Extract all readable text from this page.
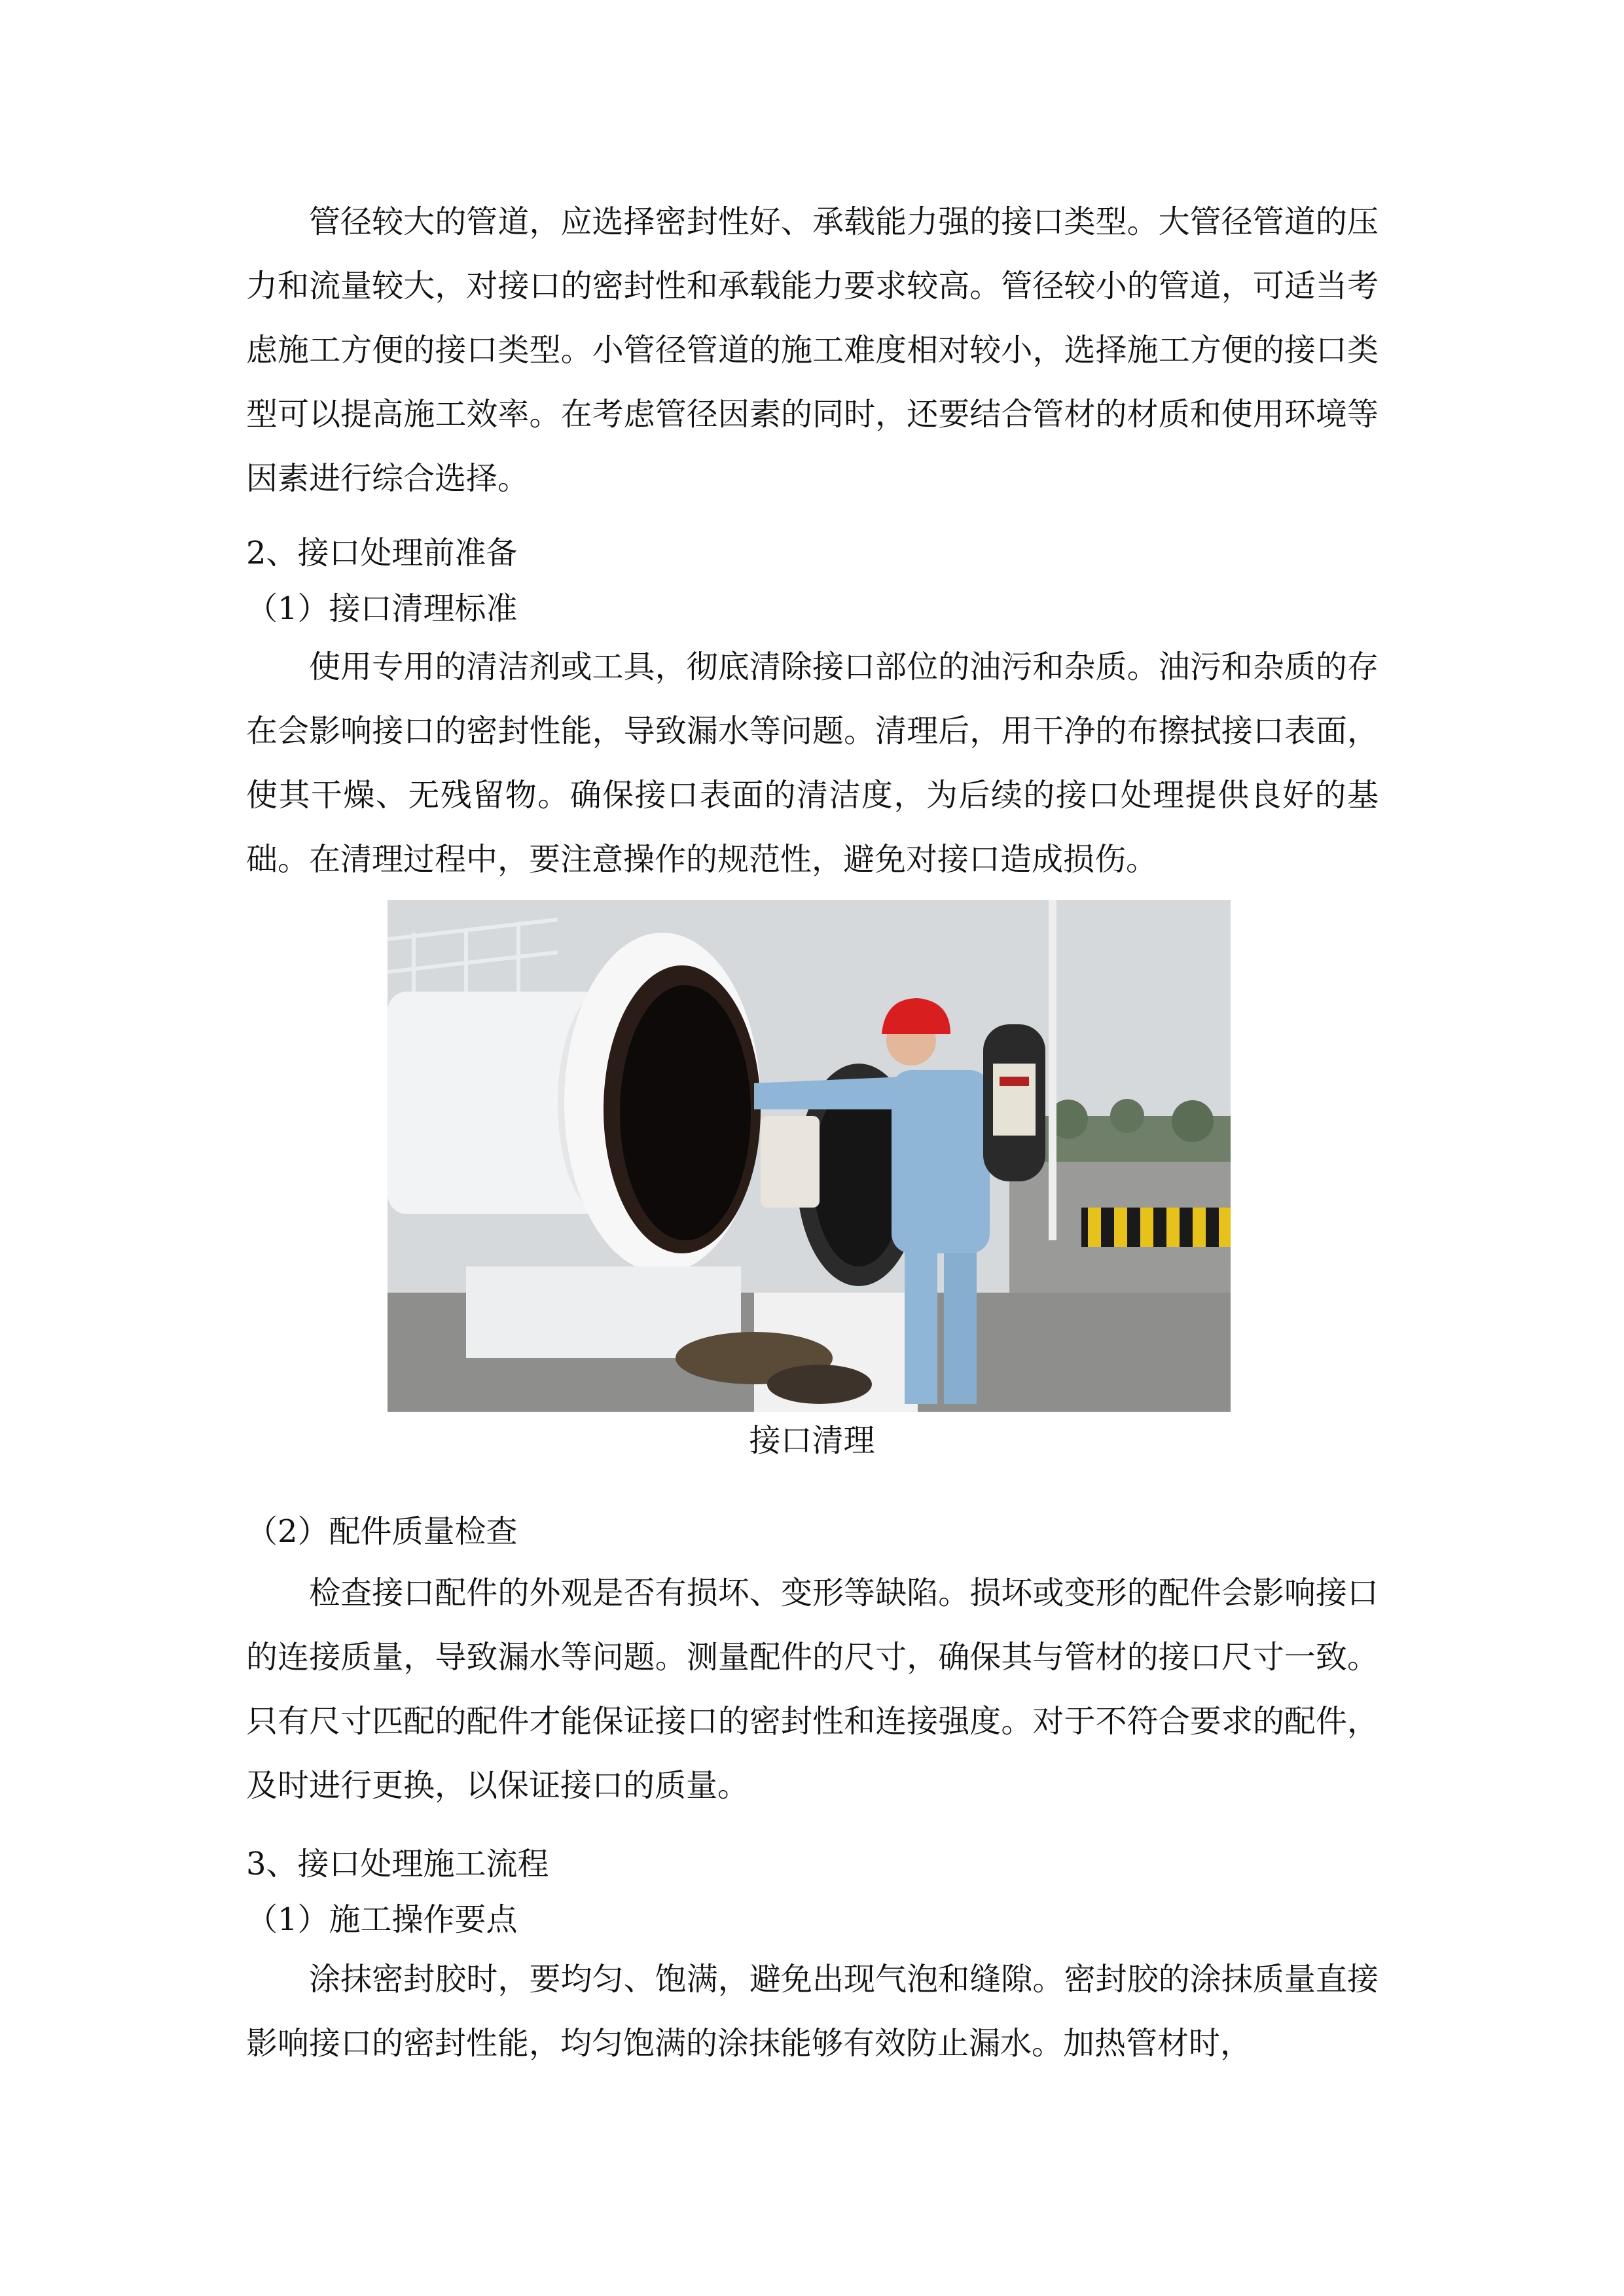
管径较大的管道，应选择密封性好、承载能力强的接口类型。大管径管道的压力和流量较大，对接口的密封性和承载能力要求较高。管径较小的管道，可适当考虑施工方便的接口类型。小管径管道的施工难度相对较小，选择施工方便的接口类型可以提高施工效率。在考虑管径因素的同时，还要结合管材的材质和使用环境等因素进行综合选择。

2、接口处理前准备

（1）接口清理标准

使用专用的清洁剂或工具，彻底清除接口部位的油污和杂质。油污和杂质的存在会影响接口的密封性能，导致漏水等问题。清理后，用干净的布擦拭接口表面，使其干燥、无残留物。确保接口表面的清洁度，为后续的接口处理提供良好的基础。在清理过程中，要注意操作的规范性，避免对接口造成损伤。

接口清理

（2）配件质量检查

检查接口配件的外观是否有损坏、变形等缺陷。损坏或变形的配件会影响接口的连接质量，导致漏水等问题。测量配件的尺寸，确保其与管材的接口尺寸一致。只有尺寸匹配的配件才能保证接口的密封性和连接强度。对于不符合要求的配件，及时进行更换，以保证接口的质量。

3、接口处理施工流程

（1）施工操作要点

涂抹密封胶时，要均匀、饱满，避免出现气泡和缝隙。密封胶的涂抹质量直接影响接口的密封性能，均匀饱满的涂抹能够有效防止漏水。加热管材时，
